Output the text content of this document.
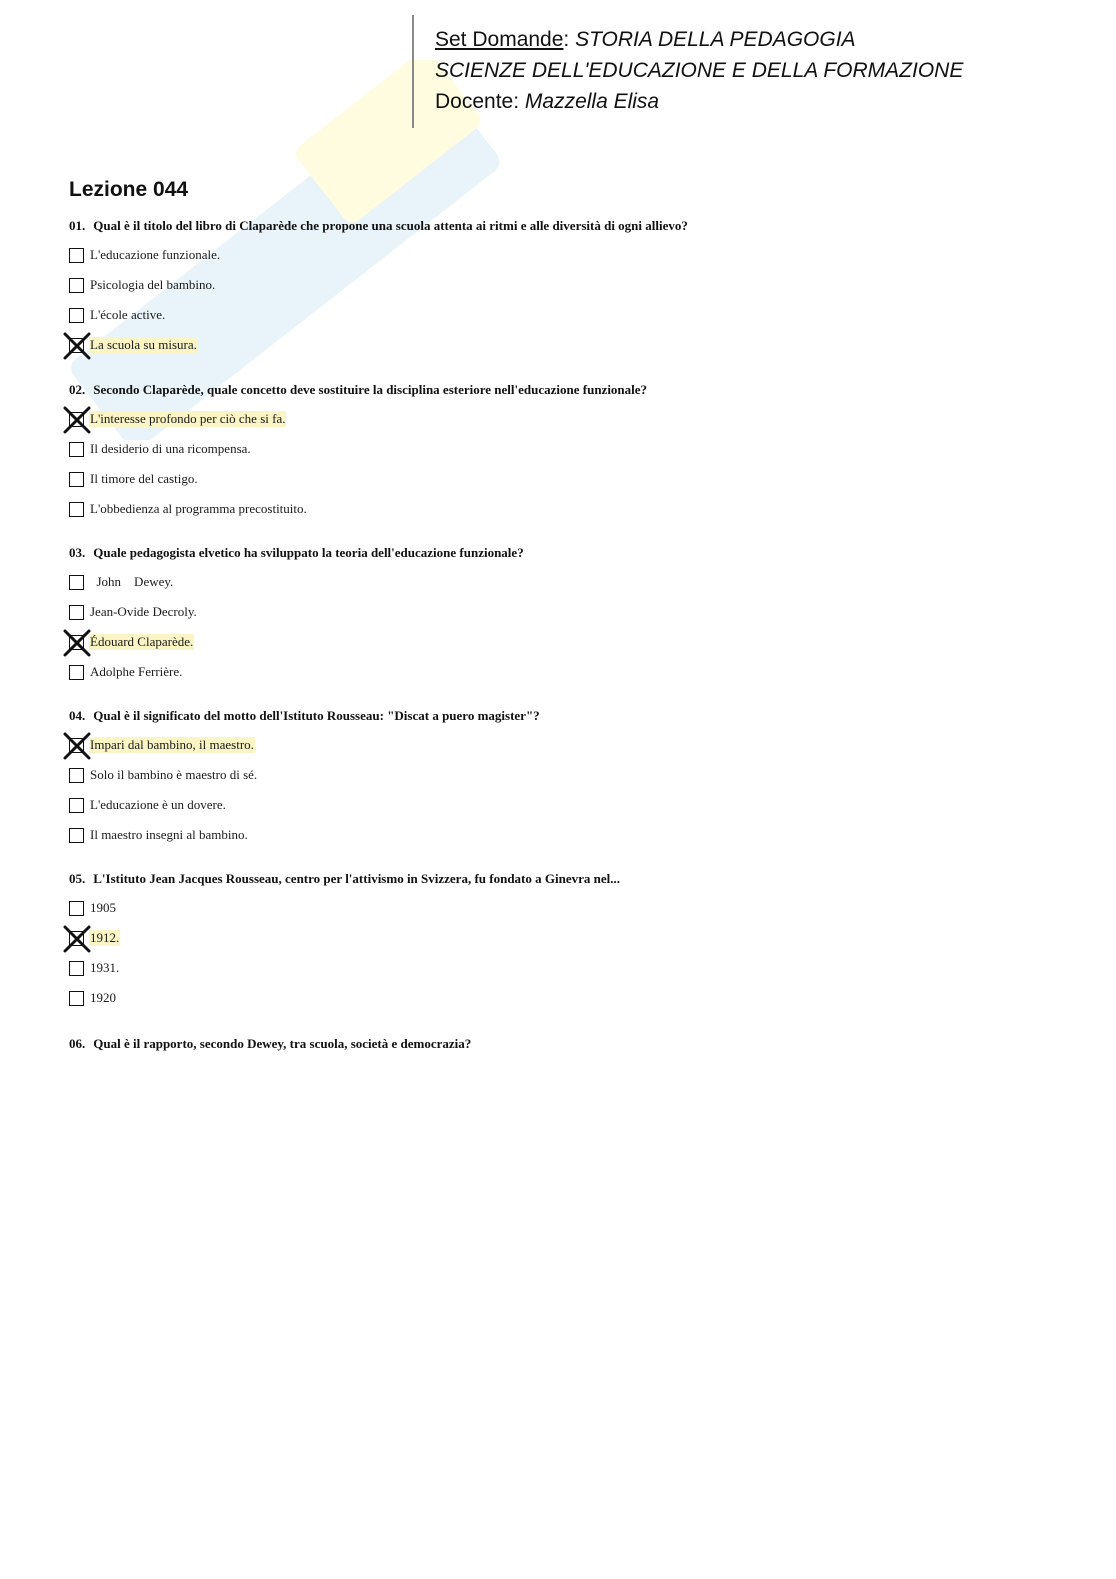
Set Domande: STORIA DELLA PEDAGOGIA
SCIENZE DELL'EDUCAZIONE E DELLA FORMAZIONE
Docente: Mazzella Elisa
Lezione 044
01. Qual è il titolo del libro di Claparède che propone una scuola attenta ai ritmi e alle diversità di ogni allievo?
L'educazione funzionale.
Psicologia del bambino.
L'école active.
La scuola su misura.
02. Secondo Claparède, quale concetto deve sostituire la disciplina esteriore nell'educazione funzionale?
L'interesse profondo per ciò che si fa.
Il desiderio di una ricompensa.
Il timore del castigo.
L'obbedienza al programma precostituito.
03. Quale pedagogista elvetico ha sviluppato la teoria dell'educazione funzionale?
John    Dewey.
Jean-Ovide Decroly.
Édouard Claparède.
Adolphe Ferrière.
04. Qual è il significato del motto dell'Istituto Rousseau: "Discat a puero magister"?
Impari dal bambino, il maestro.
Solo il bambino è maestro di sé.
L'educazione è un dovere.
Il maestro insegni al bambino.
05. L'Istituto Jean Jacques Rousseau, centro per l'attivismo in Svizzera, fu fondato a Ginevra nel...
1905
1912.
1931.
1920
06. Qual è il rapporto, secondo Dewey, tra scuola, società e democrazia?
